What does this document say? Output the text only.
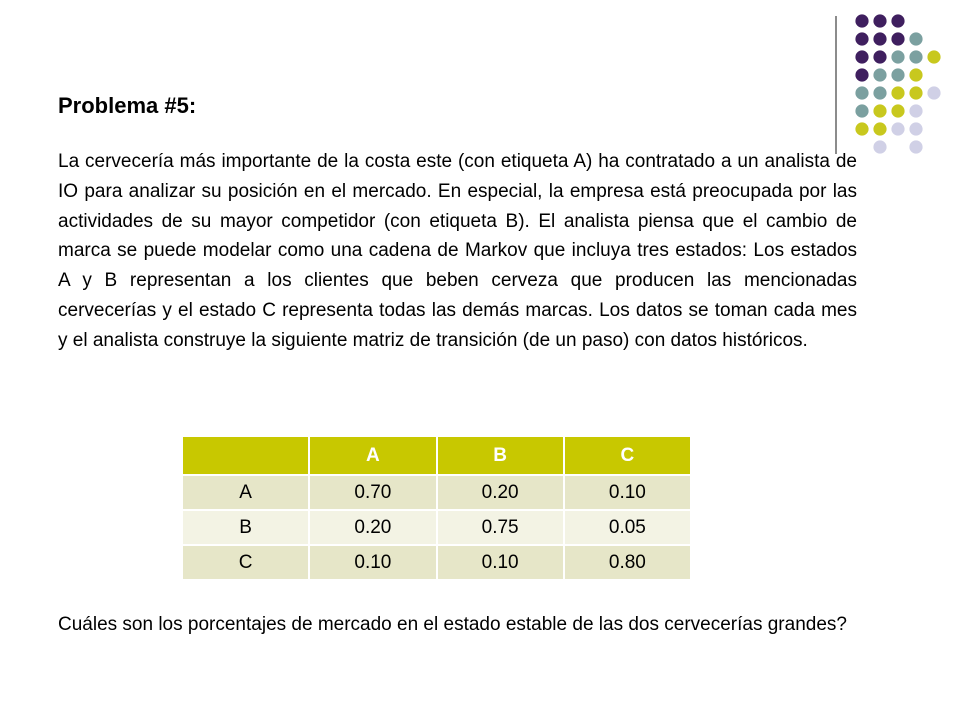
Problema #5:

La cervecería más importante de la costa este (con etiqueta A) ha contratado a un analista de IO para analizar su posición en el mercado. En especial, la empresa está preocupada por las actividades de su mayor competidor (con etiqueta B). El analista piensa que el cambio de marca se puede modelar como una cadena de Markov que incluya tres estados: Los estados A y B representan a los clientes que beben cerveza que producen las mencionadas cervecerías y el estado C representa todas las demás marcas. Los datos se toman cada mes y el analista construye la siguiente matriz de transición (de un paso) con datos históricos.

	A	B	C
A	0.70	0.20	0.10
B	0.20	0.75	0.05
C	0.10	0.10	0.80

Cuáles son los porcentajes de mercado en el estado estable de las dos cervecerías grandes?
